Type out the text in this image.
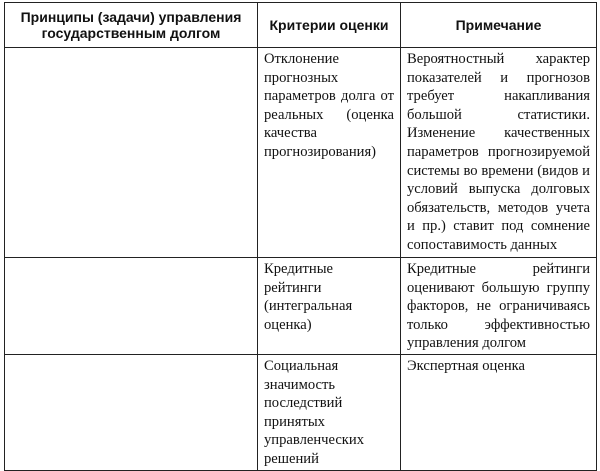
Принципы (задачи) управления государственным долгом	Критерии оценки	Примечание

	Отклонение прогнозных параметров долга от реальных (оценка качества прогнозирования)	Вероятностный характер показателей и прогнозов требует накапливания большой статистики. Изменение качественных параметров прогнозируемой системы во времени (видов и условий выпуска долговых обязательств, методов учета и пр.) ставит под сомнение сопоставимость данных

	Кредитные рейтинги (интегральная оценка)	Кредитные рейтинги оценивают большую группу факторов, не ограничиваясь только эффективностью управления долгом

	Социальная значимость последствий принятых управленческих решений	Экспертная оценка
